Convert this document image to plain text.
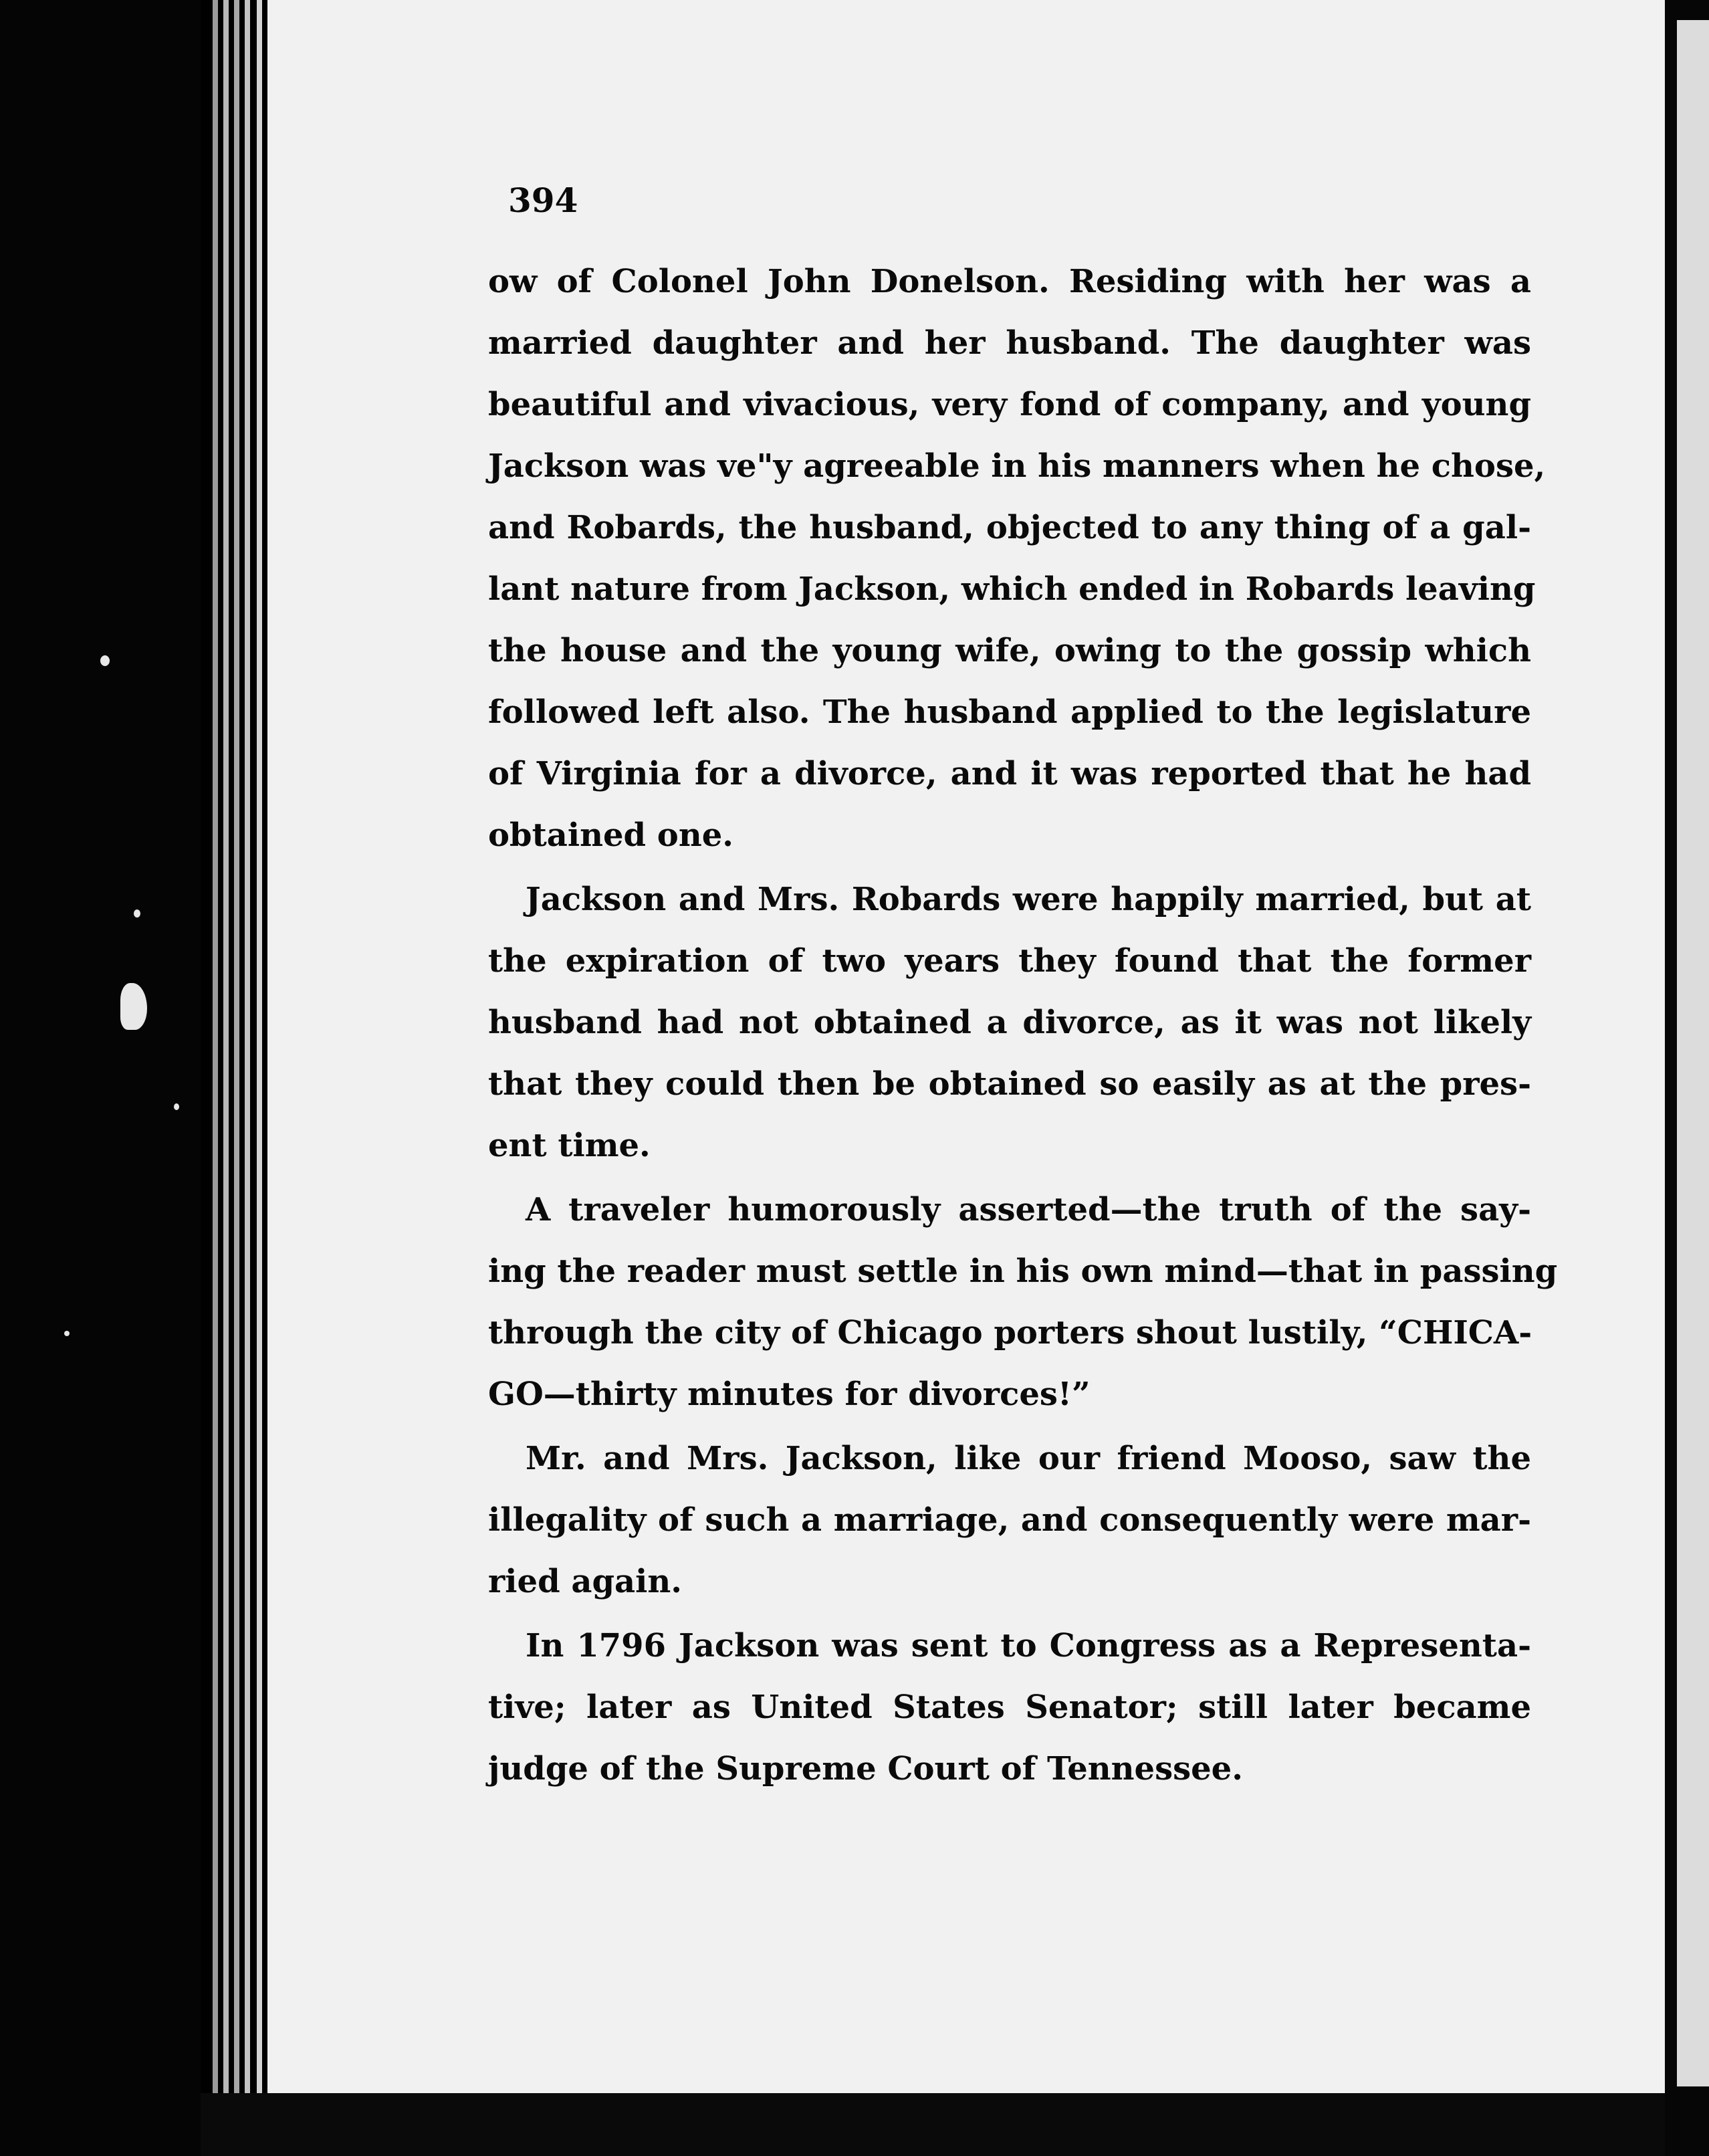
394
ow of Colonel John Donelson. Residing with her was a
married daughter and her husband. The daughter was
beautiful and vivacious, very fond of company, and young
Jackson was ve"y agreeable in his manners when he chose,
and Robards, the husband, objected to any thing of a gal-
lant nature from Jackson, which ended in Robards leaving
the house and the young wife, owing to the gossip which
followed left also. The husband applied to the legislature
of Virginia for a divorce, and it was reported that he had
obtained one.
Jackson and Mrs. Robards were happily married, but at
the expiration of two years they found that the former
husband had not obtained a divorce, as it was not likely
that they could then be obtained so easily as at the pres-
ent time.
A traveler humorously asserted—the truth of the say-
ing the reader must settle in his own mind—that in passing
through the city of Chicago porters shout lustily, “CHICA-
GO—thirty minutes for divorces!”
Mr. and Mrs. Jackson, like our friend Mooso, saw the
illegality of such a marriage, and consequently were mar-
ried again.
In 1796 Jackson was sent to Congress as a Representa-
tive; later as United States Senator; still later became
judge of the Supreme Court of Tennessee.
